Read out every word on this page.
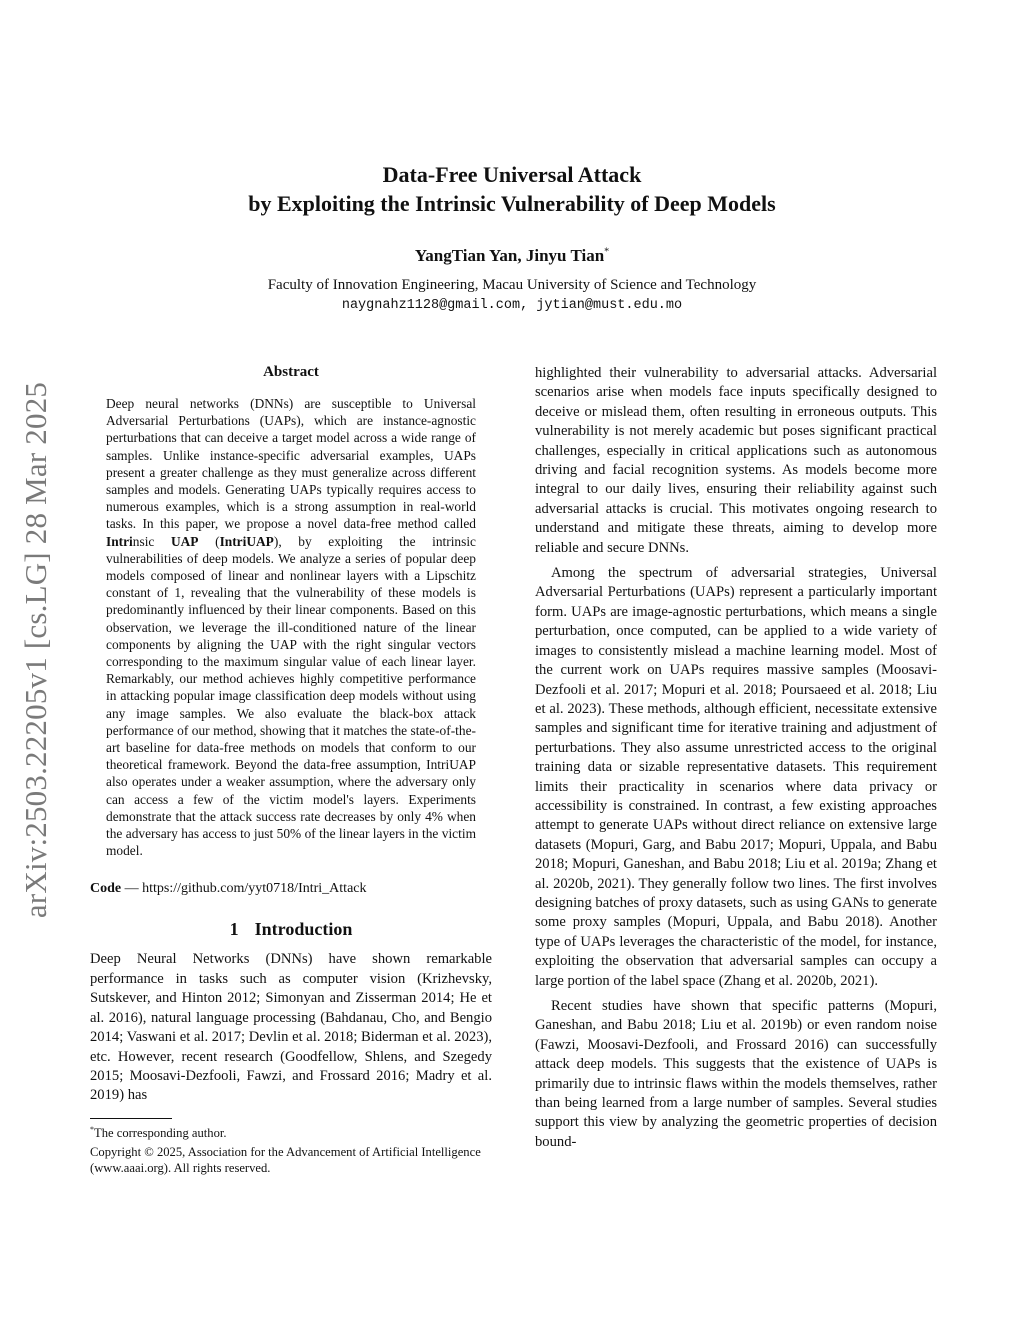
arXiv:2503.22205v1 [cs.LG] 28 Mar 2025
Data-Free Universal Attack
by Exploiting the Intrinsic Vulnerability of Deep Models
YangTian Yan, Jinyu Tian*
Faculty of Innovation Engineering, Macau University of Science and Technology
naygnahz1128@gmail.com, jytian@must.edu.mo
Abstract

Deep neural networks (DNNs) are susceptible to Universal Adversarial Perturbations (UAPs), which are instance-agnostic perturbations that can deceive a target model across a wide range of samples. Unlike instance-specific adversarial examples, UAPs present a greater challenge as they must generalize across different samples and models. Generating UAPs typically requires access to numerous examples, which is a strong assumption in real-world tasks. In this paper, we propose a novel data-free method called Intrinsic UAP (IntriUAP), by exploiting the intrinsic vulnerabilities of deep models. We analyze a series of popular deep models composed of linear and nonlinear layers with a Lipschitz constant of 1, revealing that the vulnerability of these models is predominantly influenced by their linear components. Based on this observation, we leverage the ill-conditioned nature of the linear components by aligning the UAP with the right singular vectors corresponding to the maximum singular value of each linear layer. Remarkably, our method achieves highly competitive performance in attacking popular image classification deep models without using any image samples. We also evaluate the black-box attack performance of our method, showing that it matches the state-of-the-art baseline for data-free methods on models that conform to our theoretical framework. Beyond the data-free assumption, IntriUAP also operates under a weaker assumption, where the adversary only can access a few of the victim model's layers. Experiments demonstrate that the attack success rate decreases by only 4% when the adversary has access to just 50% of the linear layers in the victim model.

Code — https://github.com/yyt0718/Intri_Attack
1 Introduction

Deep Neural Networks (DNNs) have shown remarkable performance in tasks such as computer vision (Krizhevsky, Sutskever, and Hinton 2012; Simonyan and Zisserman 2014; He et al. 2016), natural language processing (Bahdanau, Cho, and Bengio 2014; Vaswani et al. 2017; Devlin et al. 2018; Biderman et al. 2023), etc. However, recent research (Goodfellow, Shlens, and Szegedy 2015; Moosavi-Dezfooli, Fawzi, and Frossard 2016; Madry et al. 2019) has

*The corresponding author.

Copyright © 2025, Association for the Advancement of Artificial Intelligence (www.aaai.org). All rights reserved.

highlighted their vulnerability to adversarial attacks. Adversarial scenarios arise when models face inputs specifically designed to deceive or mislead them, often resulting in erroneous outputs. This vulnerability is not merely academic but poses significant practical challenges, especially in critical applications such as autonomous driving and facial recognition systems. As models become more integral to our daily lives, ensuring their reliability against such adversarial attacks is crucial. This motivates ongoing research to understand and mitigate these threats, aiming to develop more reliable and secure DNNs.

Among the spectrum of adversarial strategies, Universal Adversarial Perturbations (UAPs) represent a particularly important form. UAPs are image-agnostic perturbations, which means a single perturbation, once computed, can be applied to a wide variety of images to consistently mislead a machine learning model. Most of the current work on UAPs requires massive samples (Moosavi-Dezfooli et al. 2017; Mopuri et al. 2018; Poursaeed et al. 2018; Liu et al. 2023). These methods, although efficient, necessitate extensive samples and significant time for iterative training and adjustment of perturbations. They also assume unrestricted access to the original training data or sizable representative datasets. This requirement limits their practicality in scenarios where data privacy or accessibility is constrained. In contrast, a few existing approaches attempt to generate UAPs without direct reliance on extensive large datasets (Mopuri, Garg, and Babu 2017; Mopuri, Uppala, and Babu 2018; Mopuri, Ganeshan, and Babu 2018; Liu et al. 2019a; Zhang et al. 2020b, 2021). They generally follow two lines. The first involves designing batches of proxy datasets, such as using GANs to generate some proxy samples (Mopuri, Uppala, and Babu 2018). Another type of UAPs leverages the characteristic of the model, for instance, exploiting the observation that adversarial samples can occupy a large portion of the label space (Zhang et al. 2020b, 2021).

Recent studies have shown that specific patterns (Mopuri, Ganeshan, and Babu 2018; Liu et al. 2019b) or even random noise (Fawzi, Moosavi-Dezfooli, and Frossard 2016) can successfully attack deep models. This suggests that the existence of UAPs is primarily due to intrinsic flaws within the models themselves, rather than being learned from a large number of samples. Several studies support this view by analyzing the geometric properties of decision bound-
